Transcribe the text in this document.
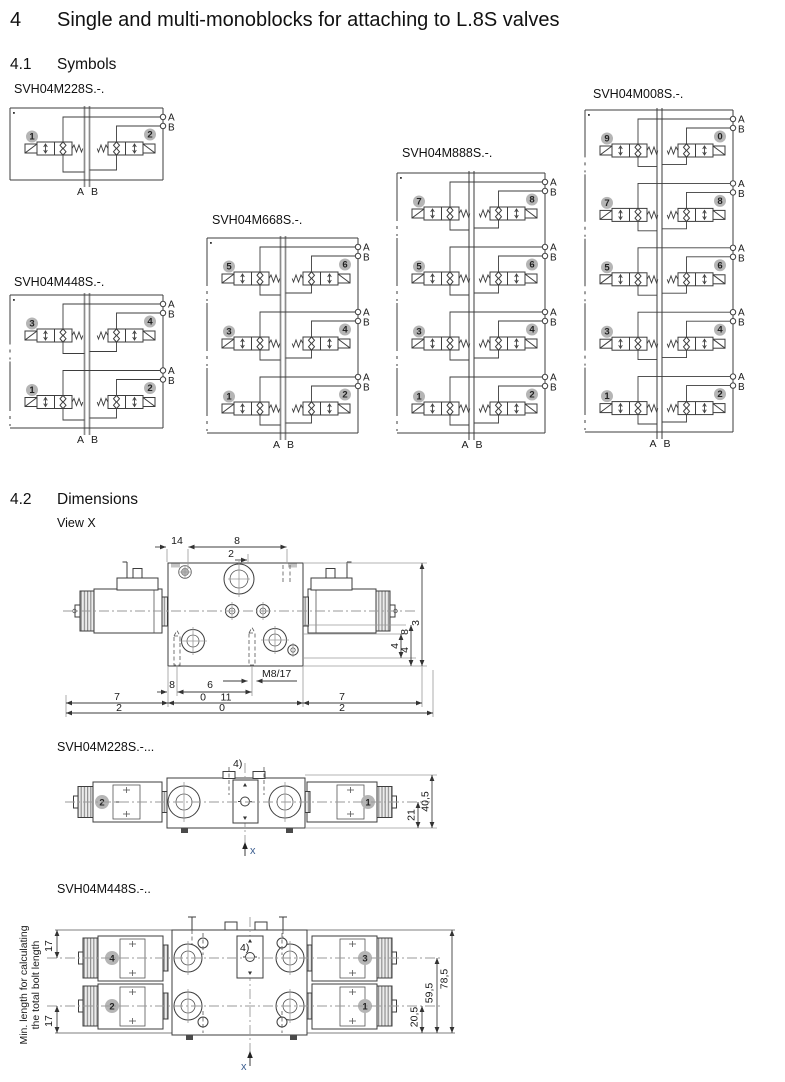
4 Single and multi-monoblocks for attaching to L.8S valves
4.1 Symbols
4.2 Dimensions
SVH04M228S.-.
SVH04M448S.-.
SVH04M668S.-.
SVH04M888S.-.
SVH04M008S.-.
A
B
1	2
A B
A
B
3	4
A
B
1	2
A B
A
B
5	6
A
B
3	4
A
B
1	2
A B
A
B
7	8
A
B
5	6
A
B
3	4
A
B
1	2
A B
A
B
9	0
A
B
7	8
A
B
5	6
A
B
3	4
A
B
1	2
A B
View X
14	8
2
4
8
4
3
M8/17
8	6
7	0 11	7
2	0	2
SVH04M228S.-...
4)
2	1	40,5
21
x
SVH04M448S.-..
Min. length for calculating the total bolt length	4)
4
2
3
1
17
17
78,5
59,5
20,5
x
